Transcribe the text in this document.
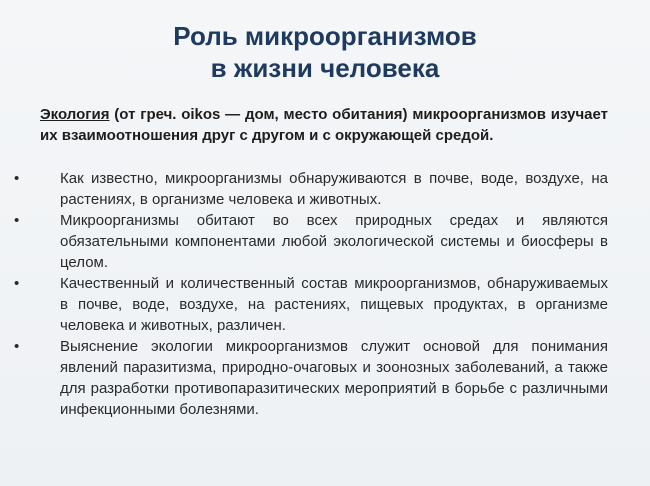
Роль микроорганизмов
в жизни человека
Экология (от греч. oikos — дом, место обитания) микроорганизмов изучает их взаимоотношения друг с другом и с окружающей средой.
•	Как известно, микроорганизмы обнаруживаются в почве, воде, воздухе, на растениях, в организме человека и животных.
•	Микроорганизмы обитают во всех природных средах и являются обязательными компонентами любой экологической системы и биосферы в целом.
•	Качественный и количественный состав микроорганизмов, обнаруживаемых в почве, воде, воздухе, на растениях, пищевых продуктах, в организме человека и животных, различен.
•	Выяснение экологии микроорганизмов служит основой для понимания явлений паразитизма, природно-очаговых и зоонозных заболеваний, а также для разработки противопаразитических мероприятий в борьбе с различными инфекционными болезнями.
